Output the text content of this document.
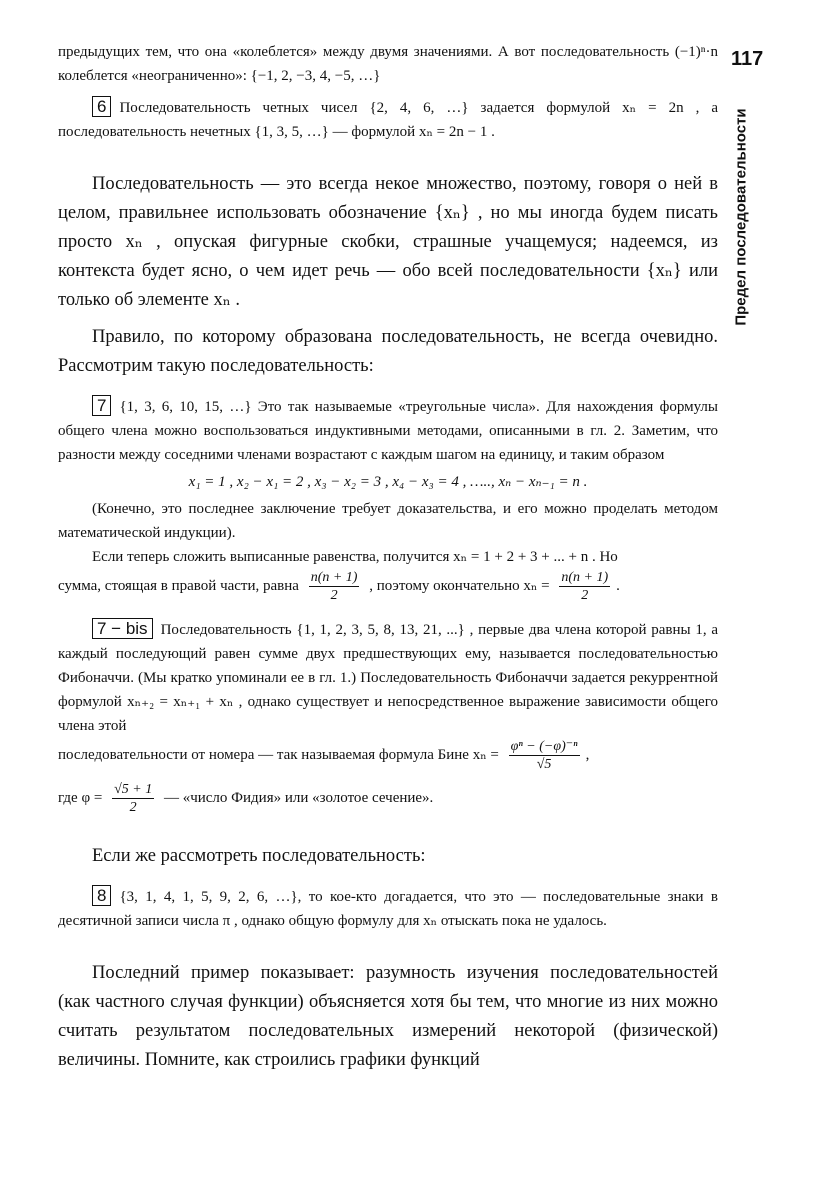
117
Предел последовательности

предыдущих тем, что она «колеблется» между двумя значениями. А вот последовательность (−1)ⁿ·n колеблется «неограниченно»: {−1, 2, −3, 4, −5, …}

6 Последовательность четных чисел {2, 4, 6, …} задается формулой xₙ = 2n , а последовательность нечетных {1, 3, 5, …} — формулой xₙ = 2n − 1 .

Последовательность — это всегда некое множество, поэтому, говоря о ней в целом, правильнее использовать обозначение {xₙ} , но мы иногда будем писать просто xₙ , опуская фигурные скобки, страшные учащемуся; надеемся, из контекста будет ясно, о чем идет речь — обо всей последовательности {xₙ} или только об элементе xₙ .

Правило, по которому образована последовательность, не всегда очевидно. Рассмотрим такую последовательность:

7 {1, 3, 6, 10, 15, …} Это так называемые «треугольные числа». Для нахождения формулы общего члена можно воспользоваться индуктивными методами, описанными в гл. 2. Заметим, что разности между соседними членами возрастают с каждым шагом на единицу, и таким образом

x₁ = 1 , x₂ − x₁ = 2 , x₃ − x₂ = 3 , x₄ − x₃ = 4 , ….., xₙ − xₙ₋₁ = n .

(Конечно, это последнее заключение требует доказательства, и его можно проделать методом математической индукции).

Если теперь сложить выписанные равенства, получится xₙ = 1 + 2 + 3 + ... + n . Но

сумма, стоящая в правой части, равна $\frac{n(n + 1)}{2}$ , поэтому окончательно $x_n = \frac{n(n + 1)}{2}$ .

7 − bis Последовательность {1, 1, 2, 3, 5, 8, 13, 21, ...} , первые два члена которой равны 1, а каждый последующий равен сумме двух предшествующих ему, называется последовательностью Фибоначчи. (Мы кратко упоминали ее в гл. 1.) Последовательность Фибоначчи задается рекуррентной формулой xₙ₊₂ = xₙ₊₁ + xₙ , однако существует и непосредственное выражение зависимости общего члена этой

последовательности от номера — так называемая формула Бине $x_n = \frac{\text{φⁿ − (−φ)⁻ⁿ}}{√5}$ ,

где $\varphi = \frac{√5 + 1}{2}$ — «число Фидия» или «золотое сечение».

Если же рассмотреть последовательность:

8 {3, 1, 4, 1, 5, 9, 2, 6, …}, то кое-кто догадается, что это — последовательные знаки в десятичной записи числа π , однако общую формулу для xₙ отыскать пока не удалось.

Последний пример показывает: разумность изучения последовательностей (как частного случая функции) объясняется хотя бы тем, что многие из них можно считать результатом последовательных измерений некоторой (физической) величины. Помните, как строились графики функций
